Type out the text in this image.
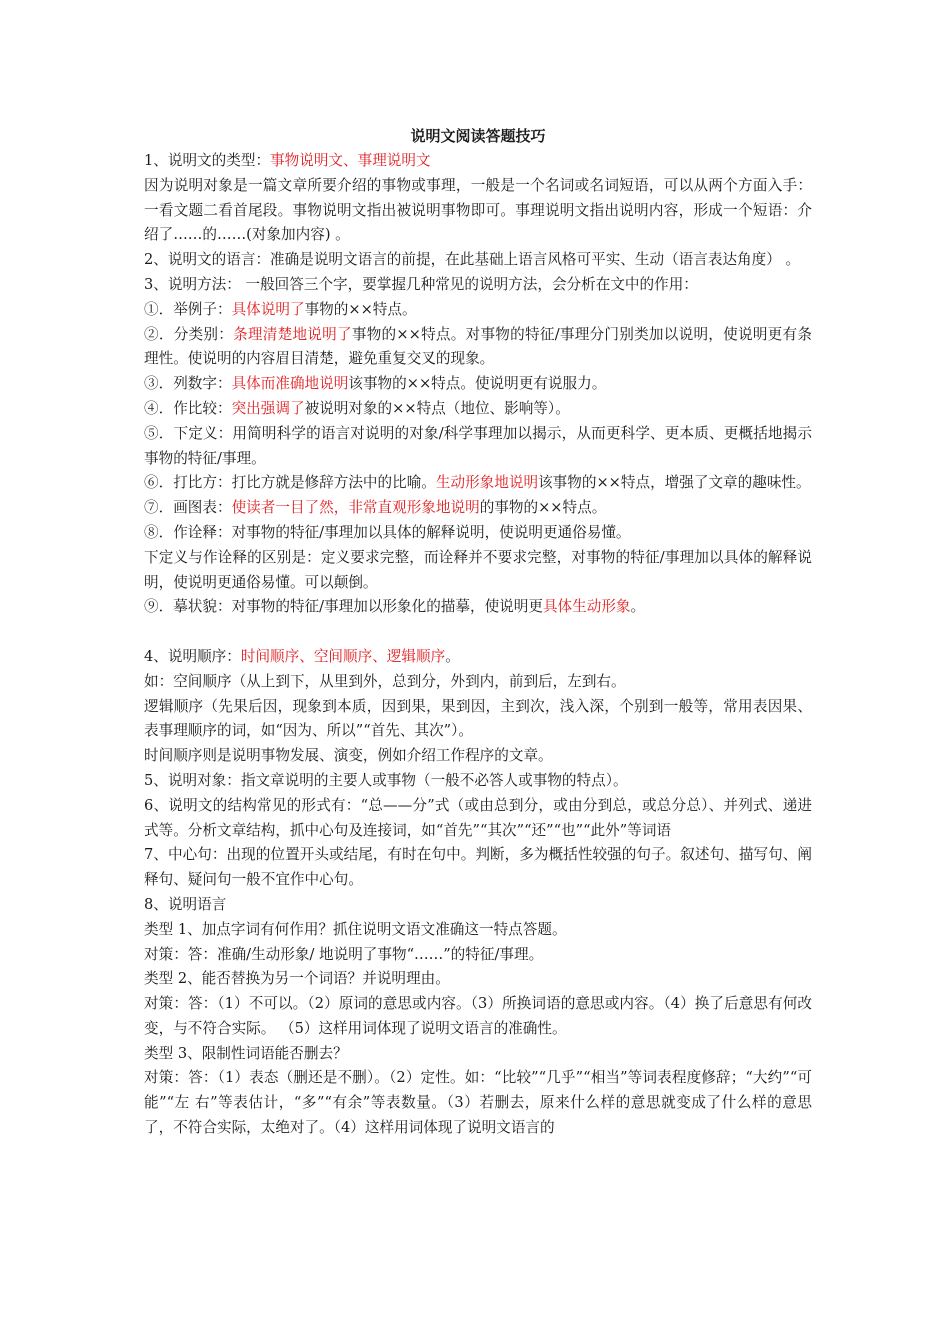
说明文阅读答题技巧
1、说明文的类型：事物说明文、事理说明文
因为说明对象是一篇文章所要介绍的事物或事理，一般是一个名词或名词短语，可以从两个方面入手：一看文题二看首尾段。事物说明文指出被说明事物即可。事理说明文指出说明内容，形成一个短语：介绍了……的……(对象加内容) 。
2、说明文的语言：准确是说明文语言的前提，在此基础上语言风格可平实、生动（语言表达角度） 。
3、说明方法： 一般回答三个字，要掌握几种常见的说明方法，会分析在文中的作用：
①．举例子：具体说明了事物的××特点。
②．分类别：条理清楚地说明了事物的××特点。对事物的特征/事理分门别类加以说明，使说明更有条理性。使说明的内容眉目清楚，避免重复交叉的现象。
③．列数字：具体而准确地说明该事物的××特点。使说明更有说服力。
④．作比较：突出强调了被说明对象的××特点（地位、影响等）。
⑤．下定义：用简明科学的语言对说明的对象/科学事理加以揭示，从而更科学、更本质、更概括地揭示事物的特征/事理。
⑥．打比方：打比方就是修辞方法中的比喻。生动形象地说明该事物的××特点，增强了文章的趣味性。
⑦．画图表：使读者一目了然，非常直观形象地说明的事物的××特点。
⑧．作诠释：对事物的特征/事理加以具体的解释说明，使说明更通俗易懂。
下定义与作诠释的区别是：定义要求完整，而诠释并不要求完整，对事物的特征/事理加以具体的解释说明，使说明更通俗易懂。可以颠倒。
⑨．摹状貌：对事物的特征/事理加以形象化的描摹，使说明更具体生动形象。
4、说明顺序：时间顺序、空间顺序、逻辑顺序。
如：空间顺序（从上到下，从里到外，总到分，外到内，前到后，左到右。
逻辑顺序（先果后因，现象到本质，因到果，果到因，主到次，浅入深，个别到一般等，常用表因果、表事理顺序的词，如“因为、所以”“首先、其次”）。
时间顺序则是说明事物发展、演变，例如介绍工作程序的文章。
5、说明对象：指文章说明的主要人或事物（一般不必答人或事物的特点）。
6、说明文的结构常见的形式有：“总——分”式（或由总到分，或由分到总，或总分总）、并列式、递进式等。分析文章结构，抓中心句及连接词，如“首先”“其次”“还”“也”“此外”等词语
7、中心句：出现的位置开头或结尾，有时在句中。判断，多为概括性较强的句子。叙述句、描写句、阐释句、疑问句一般不宜作中心句。
8、说明语言
类型 1、加点字词有何作用？抓住说明文语文准确这一特点答题。
对策：答：准确/生动形象/ 地说明了事物“……”的特征/事理。
类型 2、能否替换为另一个词语？并说明理由。
对策：答：（1）不可以。（2）原词的意思或内容。（3）所换词语的意思或内容。（4）换了后意思有何改变，与不符合实际。 （5）这样用词体现了说明文语言的准确性。
类型 3、限制性词语能否删去？
对策：答：（1）表态（删还是不删）。（2）定性。如：“比较”“几乎”“相当”等词表程度修辞；“大约”“可能”“左 右”等表估计，“多”“有余”等表数量。（3）若删去，原来什么样的意思就变成了什么样的意思了，不符合实际，太绝对了。（4）这样用词体现了说明文语言的
